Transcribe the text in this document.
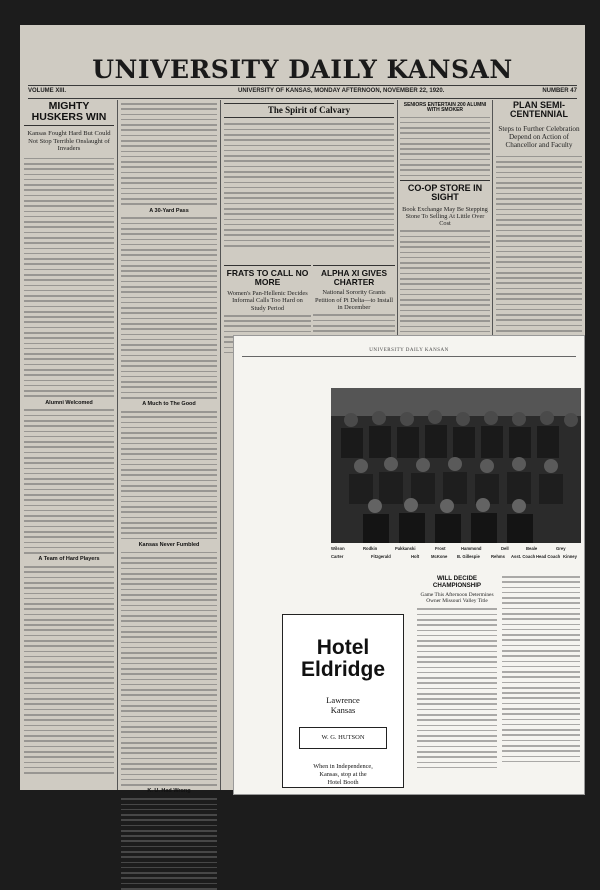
UNIVERSITY DAILY KANSAN
VOLUME XIII.	UNIVERSITY OF KANSAS, MONDAY AFTERNOON, NOVEMBER 22, 1920.	NUMBER 47
MIGHTY HUSKERS WIN
Kansas Fought Hard But Could Not Stop Terrible Onslaught of Invaders
Alumni Welcomed
A Team of Hard Players
A 30-Yard Pass
A Much to The Good
Kansas Never Fumbled
K. U. Had Wrong
The Spirit of Calvary
FRATS TO CALL NO MORE
Women's Pan-Hellenic Decides Informal Calls Too Hard on Study Period
ALPHA XI GIVES CHARTER
National Sorority Grants Petition of Pi Delta—to Install in December
SENIORS ENTERTAIN 200 ALUMNI WITH SMOKER
CO-OP STORE IN SIGHT
Book Exchange May Be Stepping Stone To Selling At Little Over Cost
PLAN SEMI-CENTENNIAL
Steps to Further Celebration Depend on Action of Chancellor and Faculty
UNIVERSITY DAILY KANSAN
Wilson	Rodkin	Pakkanski	Frost	Hammond	Dell	Beale	Grey
Carter	Fitzgerald	Holt	McKone B. Gillespie	Rehms Asst. Coach Head Coach Kinney
Hotel
Eldridge
Lawrence
Kansas
W. G. HUTSON
When in Independence,
Kansas, stop at the
Hotel Booth
WILL DECIDE CHAMPIONSHIP
Game This Afternoon Determines Owner Missouri Valley Title
